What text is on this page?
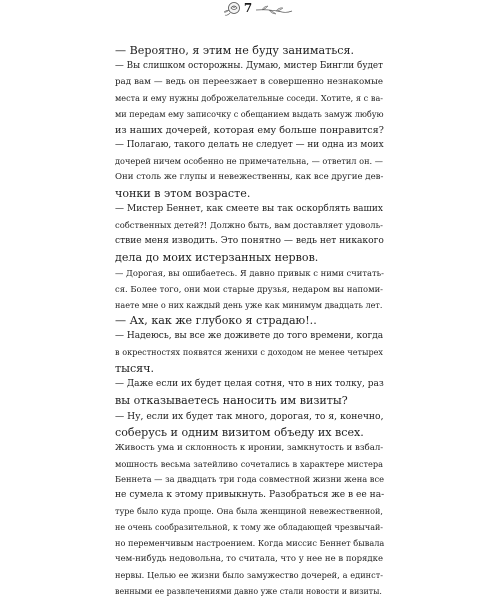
7
— Вероятно, я этим не буду заниматься.
— Вы слишком осторожны. Думаю, мистер Бингли будет
рад вам — ведь он переезжает в совершенно незнакомые
места и ему нужны доброжелательные соседи. Хотите, я с ва-
ми передам ему записочку с обещанием выдать замуж любую
из наших дочерей, которая ему больше понравится?
— Полагаю, такого делать не следует — ни одна из моих
дочерей ничем особенно не примечательна, — ответил он. —
Они столь же глупы и невежественны, как все другие дев-
чонки в этом возрасте.
— Мистер Беннет, как смеете вы так оскорблять ваших
собственных детей?! Должно быть, вам доставляет удоволь-
ствие меня изводить. Это понятно — ведь нет никакого
дела до моих истерзанных нервов.
— Дорогая, вы ошибаетесь. Я давно привык с ними считать-
ся. Более того, они мои старые друзья, недаром вы напоми-
наете мне о них каждый день уже как минимум двадцать лет.
— Ах, как же глубоко я страдаю!..
— Надеюсь, вы все же доживете до того времени, когда
в окрестностях появятся женихи с доходом не менее четырех
тысяч.
— Даже если их будет целая сотня, что в них толку, раз
вы отказываетесь наносить им визиты?
— Ну, если их будет так много, дорогая, то я, конечно,
соберусь и одним визитом объеду их всех.
Живость ума и склонность к иронии, замкнутость и взбал-
мошность весьма затейливо сочетались в характере мистера
Беннета — за двадцать три года совместной жизни жена все
не сумела к этому привыкнуть. Разобраться же в ее на-
туре было куда проще. Она была женщиной невежественной,
не очень сообразительной, к тому же обладающей чрезвычай-
но переменчивым настроением. Когда миссис Беннет бывала
чем-нибудь недовольна, то считала, что у нее не в порядке
нервы. Целью ее жизни было замужество дочерей, а единст-
венными ее развлечениями давно уже стали новости и визиты.
